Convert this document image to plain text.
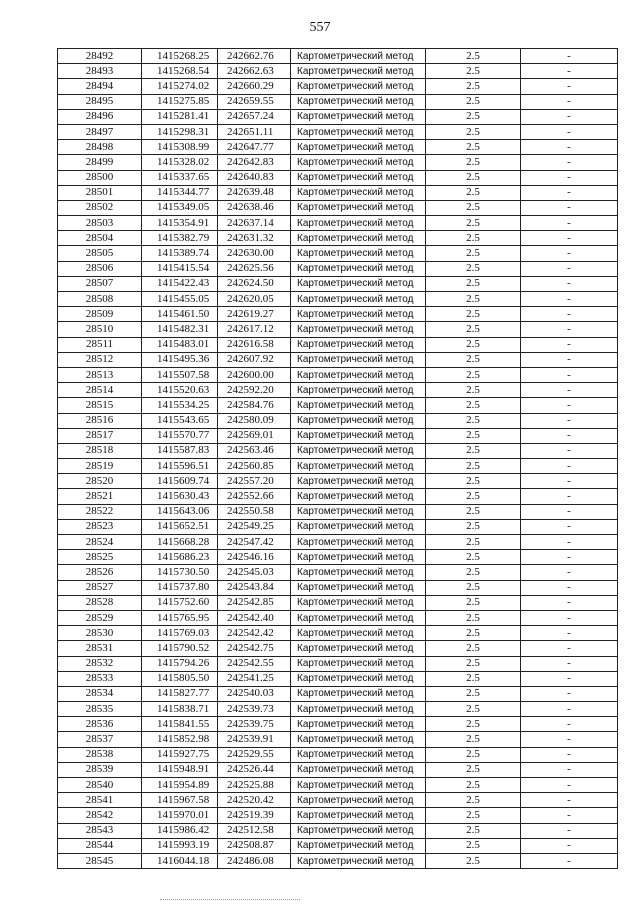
557
28492	1415268.25	242662.76	Картометрический метод	2.5	-
28493	1415268.54	242662.63	Картометрический метод	2.5	-
28494	1415274.02	242660.29	Картометрический метод	2.5	-
28495	1415275.85	242659.55	Картометрический метод	2.5	-
28496	1415281.41	242657.24	Картометрический метод	2.5	-
28497	1415298.31	242651.11	Картометрический метод	2.5	-
28498	1415308.99	242647.77	Картометрический метод	2.5	-
28499	1415328.02	242642.83	Картометрический метод	2.5	-
28500	1415337.65	242640.83	Картометрический метод	2.5	-
28501	1415344.77	242639.48	Картометрический метод	2.5	-
28502	1415349.05	242638.46	Картометрический метод	2.5	-
28503	1415354.91	242637.14	Картометрический метод	2.5	-
28504	1415382.79	242631.32	Картометрический метод	2.5	-
28505	1415389.74	242630.00	Картометрический метод	2.5	-
28506	1415415.54	242625.56	Картометрический метод	2.5	-
28507	1415422.43	242624.50	Картометрический метод	2.5	-
28508	1415455.05	242620.05	Картометрический метод	2.5	-
28509	1415461.50	242619.27	Картометрический метод	2.5	-
28510	1415482.31	242617.12	Картометрический метод	2.5	-
28511	1415483.01	242616.58	Картометрический метод	2.5	-
28512	1415495.36	242607.92	Картометрический метод	2.5	-
28513	1415507.58	242600.00	Картометрический метод	2.5	-
28514	1415520.63	242592.20	Картометрический метод	2.5	-
28515	1415534.25	242584.76	Картометрический метод	2.5	-
28516	1415543.65	242580.09	Картометрический метод	2.5	-
28517	1415570.77	242569.01	Картометрический метод	2.5	-
28518	1415587.83	242563.46	Картометрический метод	2.5	-
28519	1415596.51	242560.85	Картометрический метод	2.5	-
28520	1415609.74	242557.20	Картометрический метод	2.5	-
28521	1415630.43	242552.66	Картометрический метод	2.5	-
28522	1415643.06	242550.58	Картометрический метод	2.5	-
28523	1415652.51	242549.25	Картометрический метод	2.5	-
28524	1415668.28	242547.42	Картометрический метод	2.5	-
28525	1415686.23	242546.16	Картометрический метод	2.5	-
28526	1415730.50	242545.03	Картометрический метод	2.5	-
28527	1415737.80	242543.84	Картометрический метод	2.5	-
28528	1415752.60	242542.85	Картометрический метод	2.5	-
28529	1415765.95	242542.40	Картометрический метод	2.5	-
28530	1415769.03	242542.42	Картометрический метод	2.5	-
28531	1415790.52	242542.75	Картометрический метод	2.5	-
28532	1415794.26	242542.55	Картометрический метод	2.5	-
28533	1415805.50	242541.25	Картометрический метод	2.5	-
28534	1415827.77	242540.03	Картометрический метод	2.5	-
28535	1415838.71	242539.73	Картометрический метод	2.5	-
28536	1415841.55	242539.75	Картометрический метод	2.5	-
28537	1415852.98	242539.91	Картометрический метод	2.5	-
28538	1415927.75	242529.55	Картометрический метод	2.5	-
28539	1415948.91	242526.44	Картометрический метод	2.5	-
28540	1415954.89	242525.88	Картометрический метод	2.5	-
28541	1415967.58	242520.42	Картометрический метод	2.5	-
28542	1415970.01	242519.39	Картометрический метод	2.5	-
28543	1415986.42	242512.58	Картометрический метод	2.5	-
28544	1415993.19	242508.87	Картометрический метод	2.5	-
28545	1416044.18	242486.08	Картометрический метод	2.5	-
